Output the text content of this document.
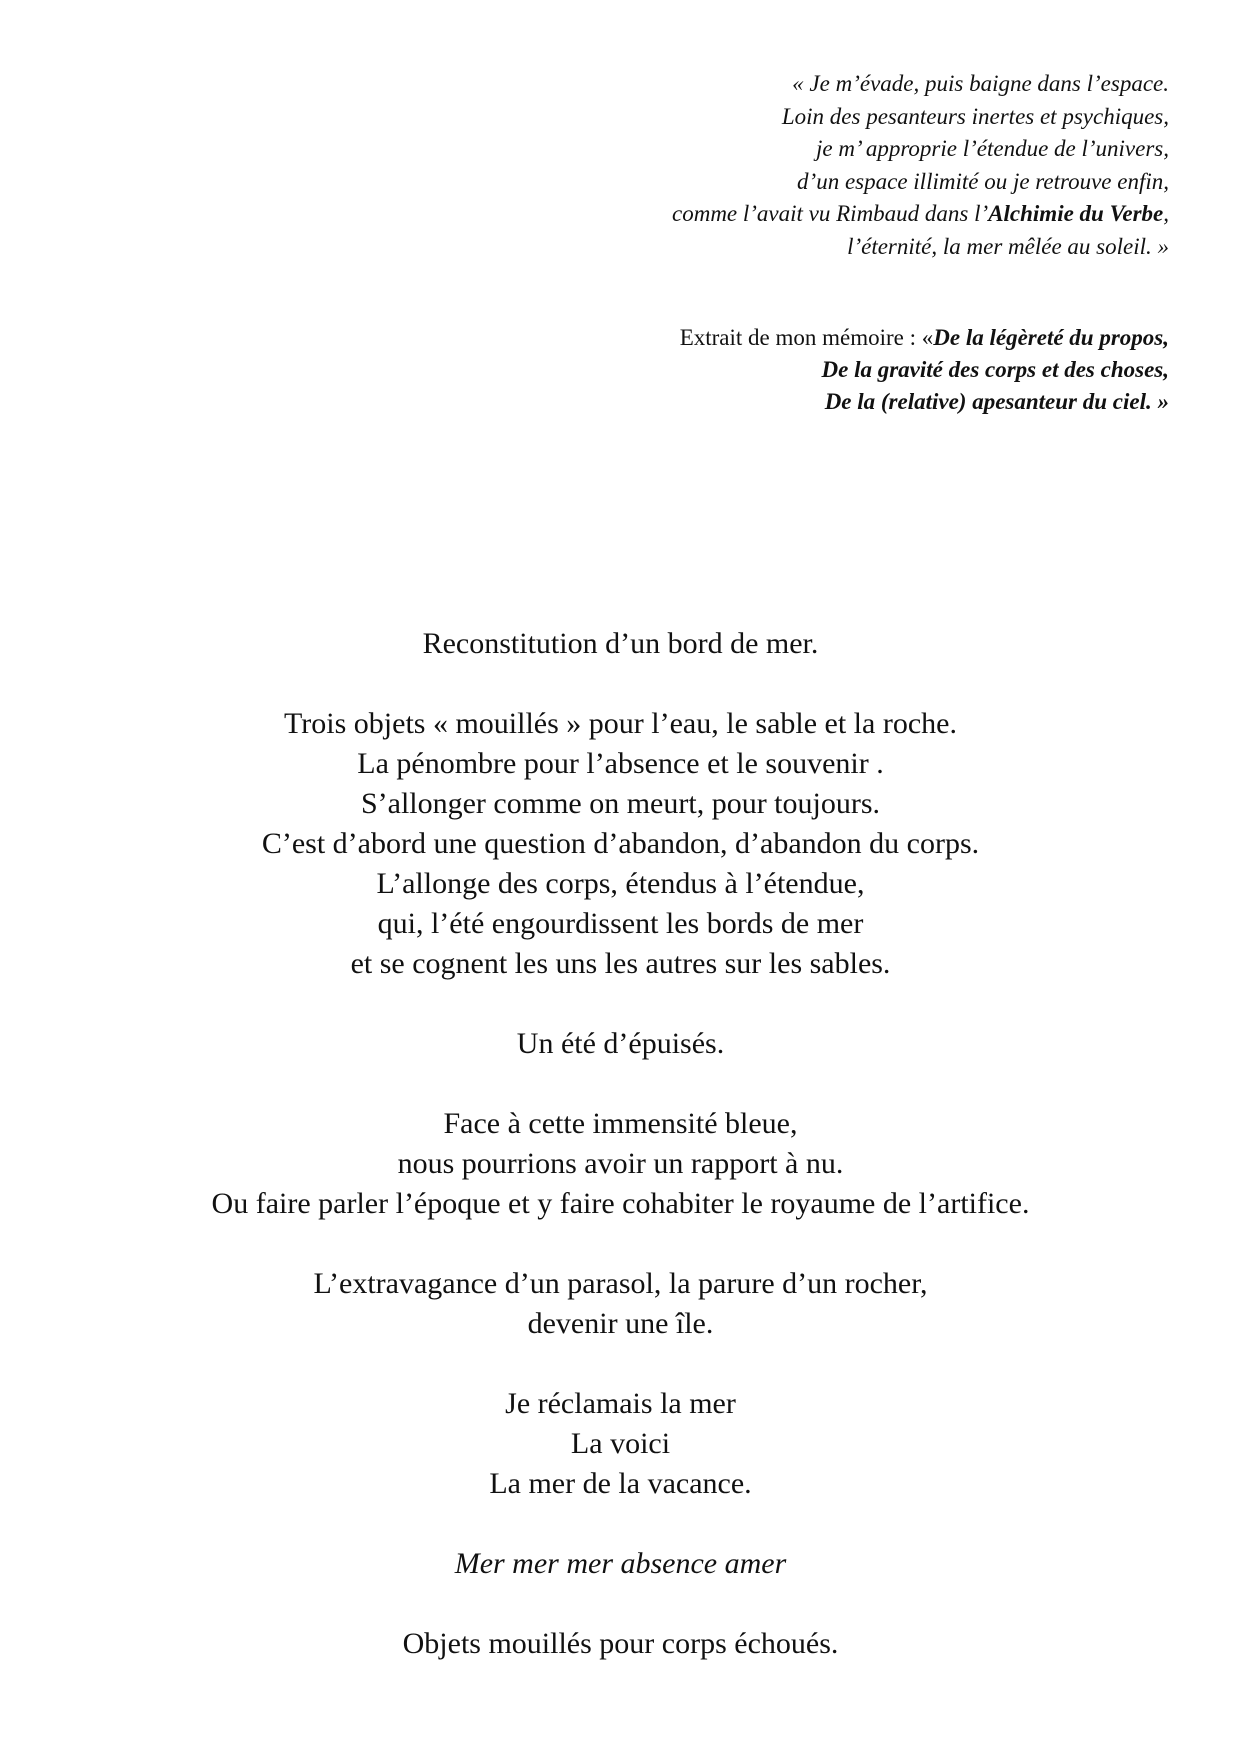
« Je m’évade, puis baigne dans l’espace.
Loin des pesanteurs inertes et psychiques,
je m’ approprie l’étendue de l’univers,
d’un espace illimité ou je retrouve enfin,
comme l’avait vu Rimbaud dans l’Alchimie du Verbe,
l’éternité, la mer mêlée au soleil. »
Extrait de mon mémoire : «De la légèreté du propos,
De la gravité des corps et des choses,
De la (relative) apesanteur du ciel. »
Reconstitution d’un bord de mer.
Trois objets « mouillés » pour l’eau, le sable et la roche.
La pénombre pour l’absence et le souvenir .
S’allonger comme on meurt, pour toujours.
C’est d’abord une question d’abandon, d’abandon du corps.
L’allonge des corps, étendus à l’étendue,
qui, l’été engourdissent les bords de mer
et se cognent les uns les autres sur les sables.
Un été d’épuisés.
Face à cette immensité bleue,
nous pourrions avoir un rapport à nu.
Ou faire parler l’époque et y faire cohabiter le royaume de l’artifice.
L’extravagance d’un parasol, la parure d’un rocher,
devenir une île.
Je réclamais la mer
La voici
La mer de la vacance.
Mer mer mer absence amer
Objets mouillés pour corps échoués.
